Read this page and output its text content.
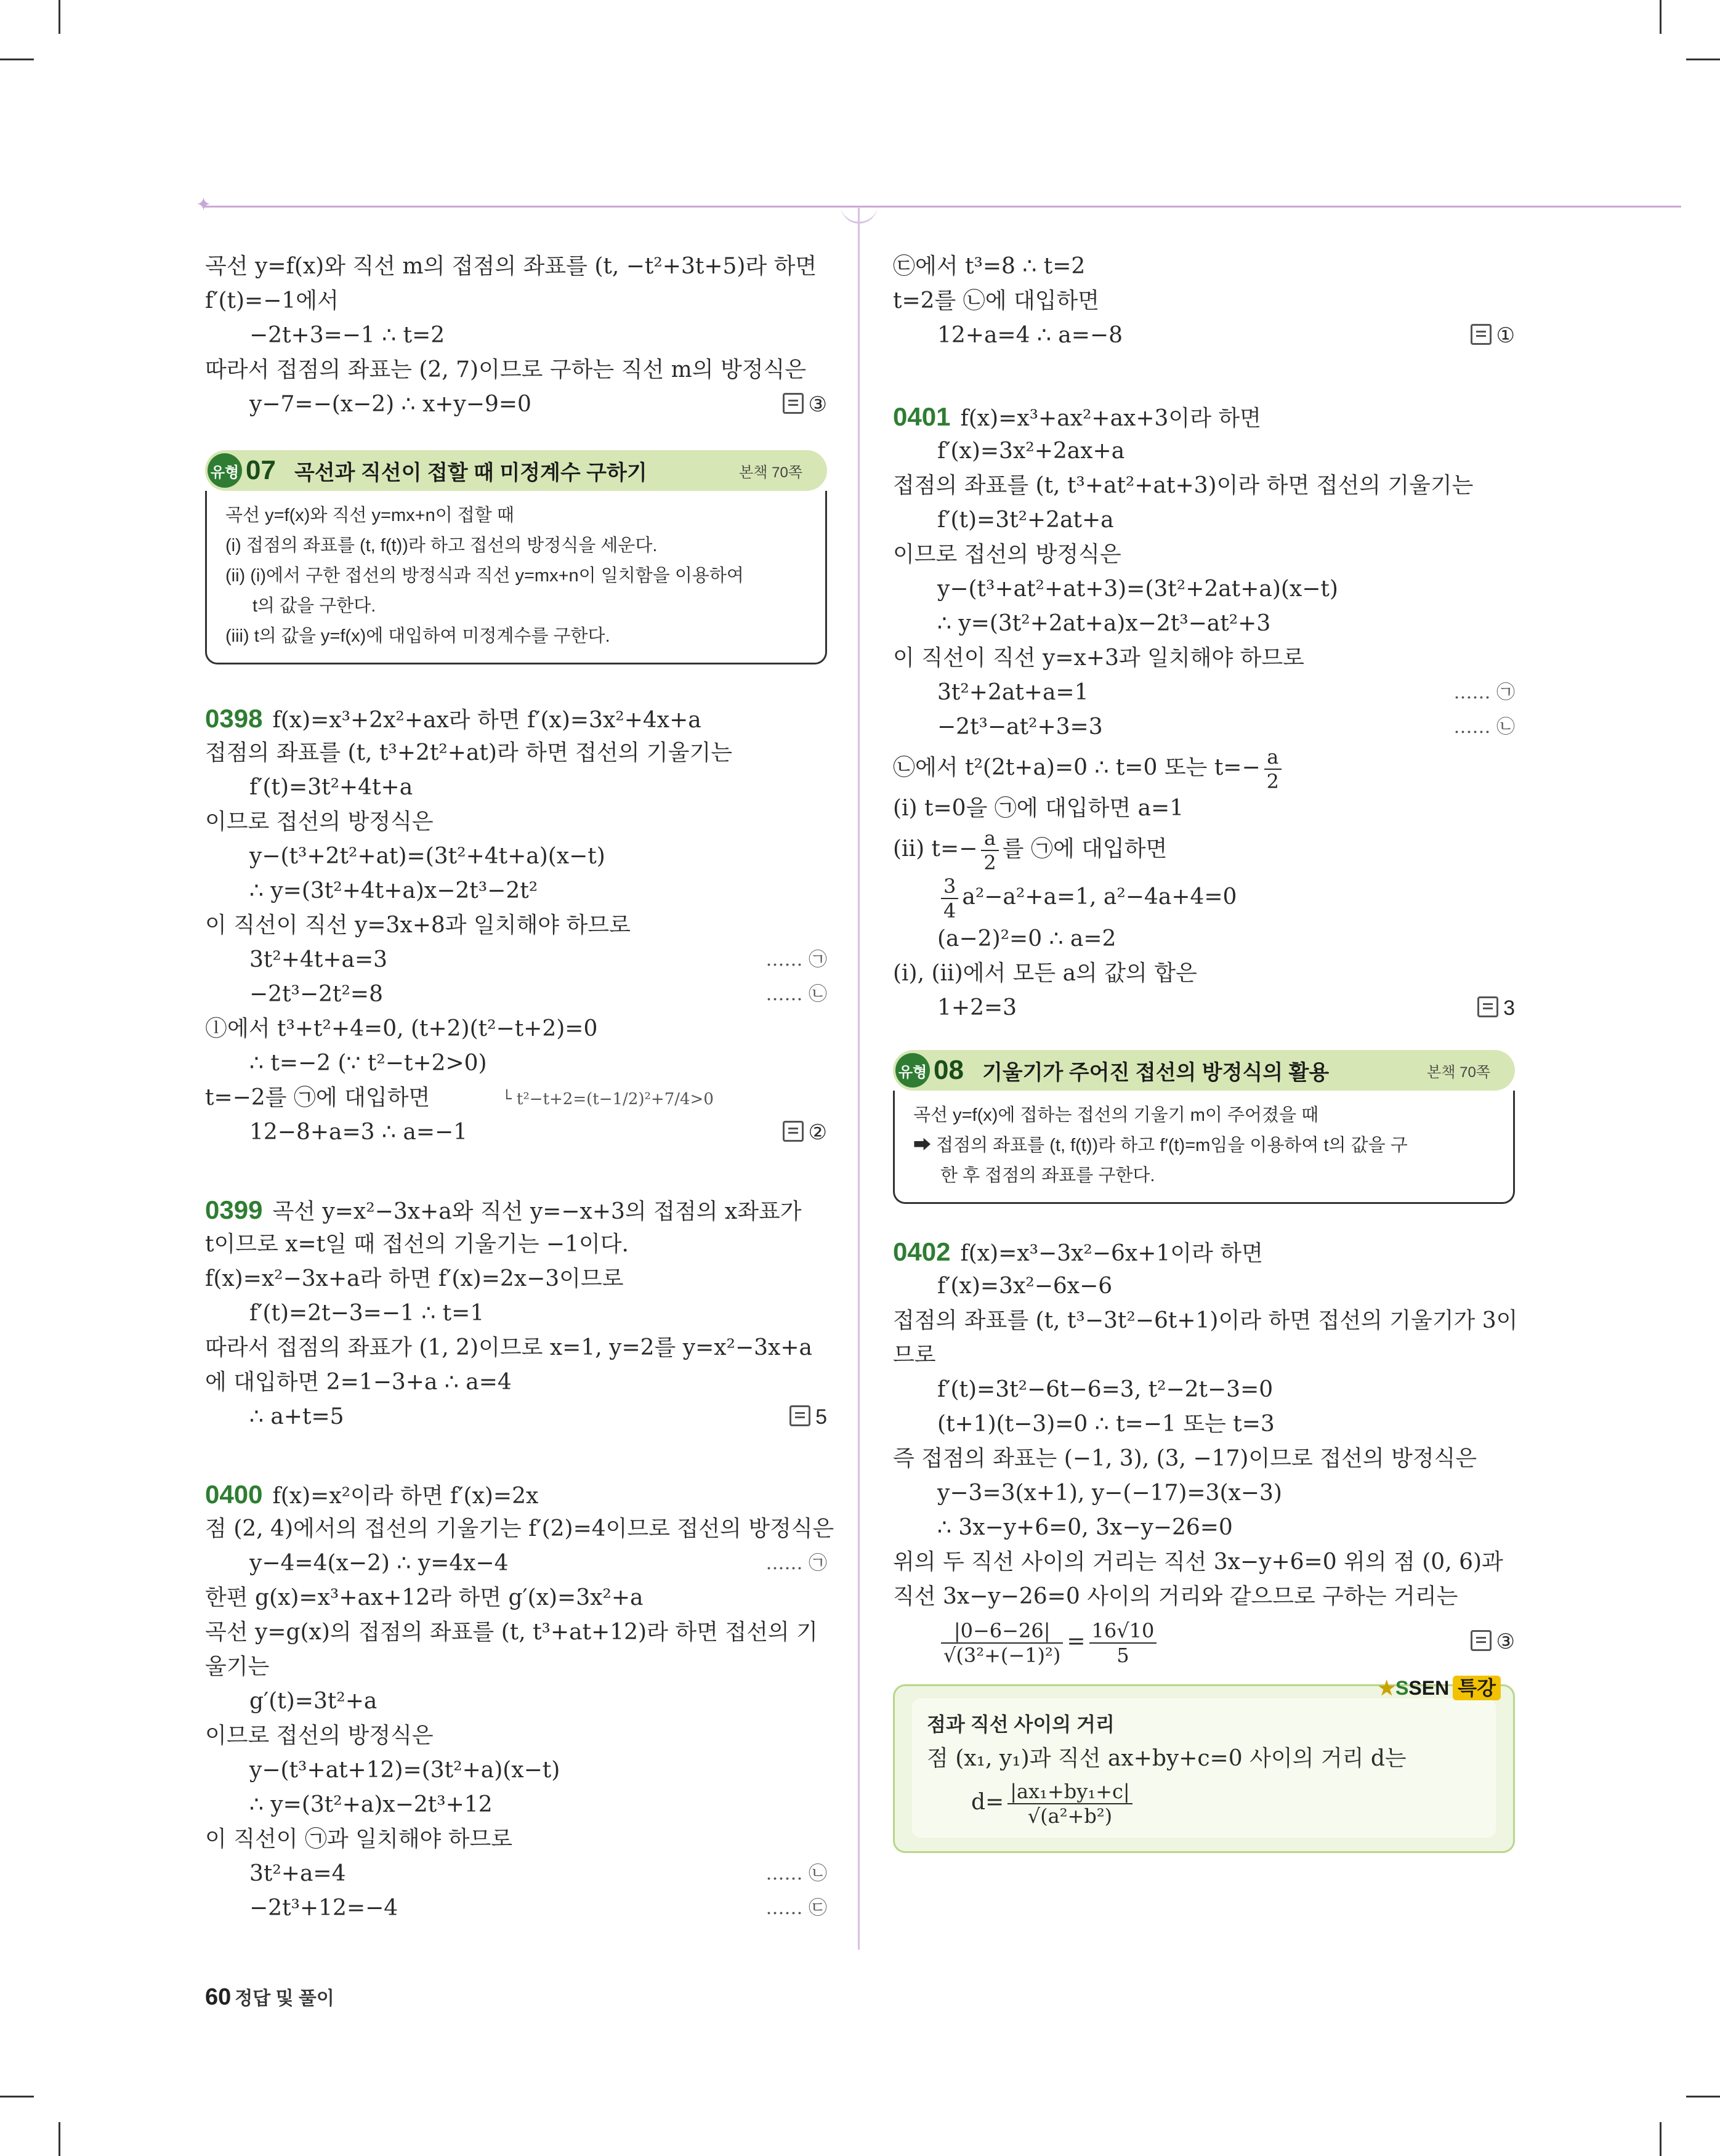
✦
곡선 y=f(x)와 직선 m의 접점의 좌표를 (t, −t²+3t+5)라 하면
f′(t)=−1에서
−2t+3=−1 ∴ t=2
따라서 접점의 좌표는 (2, 7)이므로 구하는 직선 m의 방정식은
y−7=−(x−2) ∴ x+y−9=0	③
유형 07 곡선과 직선이 접할 때 미정계수 구하기	본책 70쪽
곡선 y=f(x)와 직선 y=mx+n이 접할 때
(i) 접점의 좌표를 (t, f(t))라 하고 접선의 방정식을 세운다.
(ii) (i)에서 구한 접선의 방정식과 직선 y=mx+n이 일치함을 이용하여
t의 값을 구한다.
(iii) t의 값을 y=f(x)에 대입하여 미정계수를 구한다.
0398 f(x)=x³+2x²+ax라 하면 f′(x)=3x²+4x+a
접점의 좌표를 (t, t³+2t²+at)라 하면 접선의 기울기는
f′(t)=3t²+4t+a
이므로 접선의 방정식은
y−(t³+2t²+at)=(3t²+4t+a)(x−t)
∴ y=(3t²+4t+a)x−2t³−2t²
이 직선이 직선 y=3x+8과 일치해야 하므로
3t²+4t+a=3	…… ㉠
−2t³−2t²=8	…… ㉡
ⓛ에서 t³+t²+4=0, (t+2)(t²−t+2)=0
∴ t=−2 (∵ t²−t+2>0)
t=−2를 ㉠에 대입하면	└ t²−t+2=(t−1/2)²+7/4>0
12−8+a=3 ∴ a=−1	②
0399 곡선 y=x²−3x+a와 직선 y=−x+3의 접점의 x좌표가
t이므로 x=t일 때 접선의 기울기는 −1이다.
f(x)=x²−3x+a라 하면 f′(x)=2x−3이므로
f′(t)=2t−3=−1 ∴ t=1
따라서 접점의 좌표가 (1, 2)이므로 x=1, y=2를 y=x²−3x+a
에 대입하면 2=1−3+a ∴ a=4
∴ a+t=5	5
0400 f(x)=x²이라 하면 f′(x)=2x
점 (2, 4)에서의 접선의 기울기는 f′(2)=4이므로 접선의 방정식은
y−4=4(x−2) ∴ y=4x−4	…… ㉠
한편 g(x)=x³+ax+12라 하면 g′(x)=3x²+a
곡선 y=g(x)의 접점의 좌표를 (t, t³+at+12)라 하면 접선의 기
울기는
g′(t)=3t²+a
이므로 접선의 방정식은
y−(t³+at+12)=(3t²+a)(x−t)
∴ y=(3t²+a)x−2t³+12
이 직선이 ㉠과 일치해야 하므로
3t²+a=4	…… ㉡
−2t³+12=−4	…… ㉢
㉢에서 t³=8 ∴ t=2
t=2를 ㉡에 대입하면
12+a=4 ∴ a=−8	①
0401 f(x)=x³+ax²+ax+3이라 하면
f′(x)=3x²+2ax+a
접점의 좌표를 (t, t³+at²+at+3)이라 하면 접선의 기울기는
f′(t)=3t²+2at+a
이므로 접선의 방정식은
y−(t³+at²+at+3)=(3t²+2at+a)(x−t)
∴ y=(3t²+2at+a)x−2t³−at²+3
이 직선이 직선 y=x+3과 일치해야 하므로
3t²+2at+a=1	…… ㉠
−2t³−at²+3=3	…… ㉡
㉡에서 t²(2t+a)=0 ∴ t=0 또는 $t=- \frac{a}{2}$
(i) t=0을 ㉠에 대입하면 a=1
(ii) $t=- \frac{a}{2}$ 를 ㉠에 대입하면
$\frac{3}{4} a^2-a^2+a=1$, a²−4a+4=0
(a−2)²=0 ∴ a=2
(i), (ii)에서 모든 a의 값의 합은
1+2=3	3
유형 08 기울기가 주어진 접선의 방정식의 활용	본책 70쪽
곡선 y=f(x)에 접하는 접선의 기울기 m이 주어졌을 때
➡ 접점의 좌표를 (t, f(t))라 하고 f′(t)=m임을 이용하여 t의 값을 구
한 후 접점의 좌표를 구한다.
0402 f(x)=x³−3x²−6x+1이라 하면
f′(x)=3x²−6x−6
접점의 좌표를 (t, t³−3t²−6t+1)이라 하면 접선의 기울기가 3이
므로
f′(t)=3t²−6t−6=3, t²−2t−3=0
(t+1)(t−3)=0 ∴ t=−1 또는 t=3
즉 접점의 좌표는 (−1, 3), (3, −17)이므로 접선의 방정식은
y−3=3(x+1), y−(−17)=3(x−3)
∴ 3x−y+6=0, 3x−y−26=0
위의 두 직선 사이의 거리는 직선 3x−y+6=0 위의 점 (0, 6)과
직선 3x−y−26=0 사이의 거리와 같으므로 구하는 거리는
$\frac{|0-6-26|}{\text{√(3²+(−1)²)}} = \frac{16√10}{5}$	③
★SSEN 특강
점과 직선 사이의 거리
점 (x₁, y₁)과 직선 ax+by+c=0 사이의 거리 d는
$d= \frac{\text{|ax₁+by₁+c|}}{\text{√(a²+b²)}}$
60 정답 및 풀이
